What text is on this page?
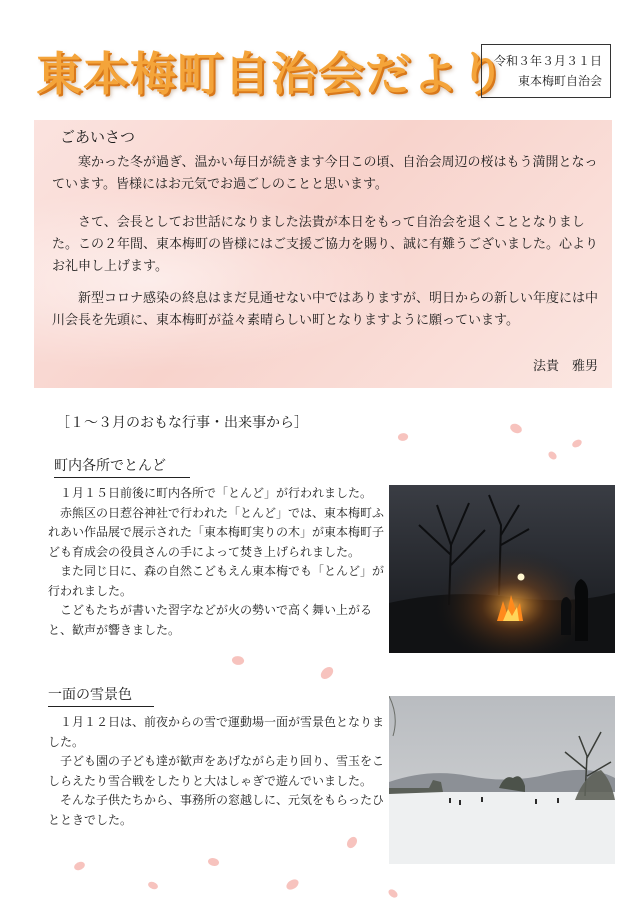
東本梅町自治会だより
令和３年３月３１日
東本梅町自治会
ごあいさつ

寒かった冬が過ぎ、温かい毎日が続きます今日この頃、自治会周辺の桜はもう満開となっています。皆様にはお元気でお過ごしのことと思います。

さて、会長としてお世話になりました法貴が本日をもって自治会を退くこととなりました。この２年間、東本梅町の皆様にはご支援ご協力を賜り、誠に有難うございました。心よりお礼申し上げます。

新型コロナ感染の終息はまだ見通せない中ではありますが、明日からの新しい年度には中川会長を先頭に、東本梅町が益々素晴らしい町となりますように願っています。

法貴　雅男
［１～３月のおもな行事・出来事から］
町内各所でとんど

１月１５日前後に町内各所で「とんど」が行われました。

赤熊区の日惹谷神社で行われた「とんど」では、東本梅町ふれあい作品展で展示された「東本梅町実りの木」が東本梅町子ども育成会の役員さんの手によって焚き上げられました。

また同じ日に、森の自然こどもえん東本梅でも「とんど」が行われました。

こどもたちが書いた習字などが火の勢いで高く舞い上がると、歓声が響きました。

一面の雪景色

１月１２日は、前夜からの雪で運動場一面が雪景色となりました。

子ども園の子ども達が歓声をあげながら走り回り、雪玉をこしらえたり雪合戦をしたりと大はしゃぎで遊んでいました。

そんな子供たちから、事務所の窓越しに、元気をもらったひとときでした。
